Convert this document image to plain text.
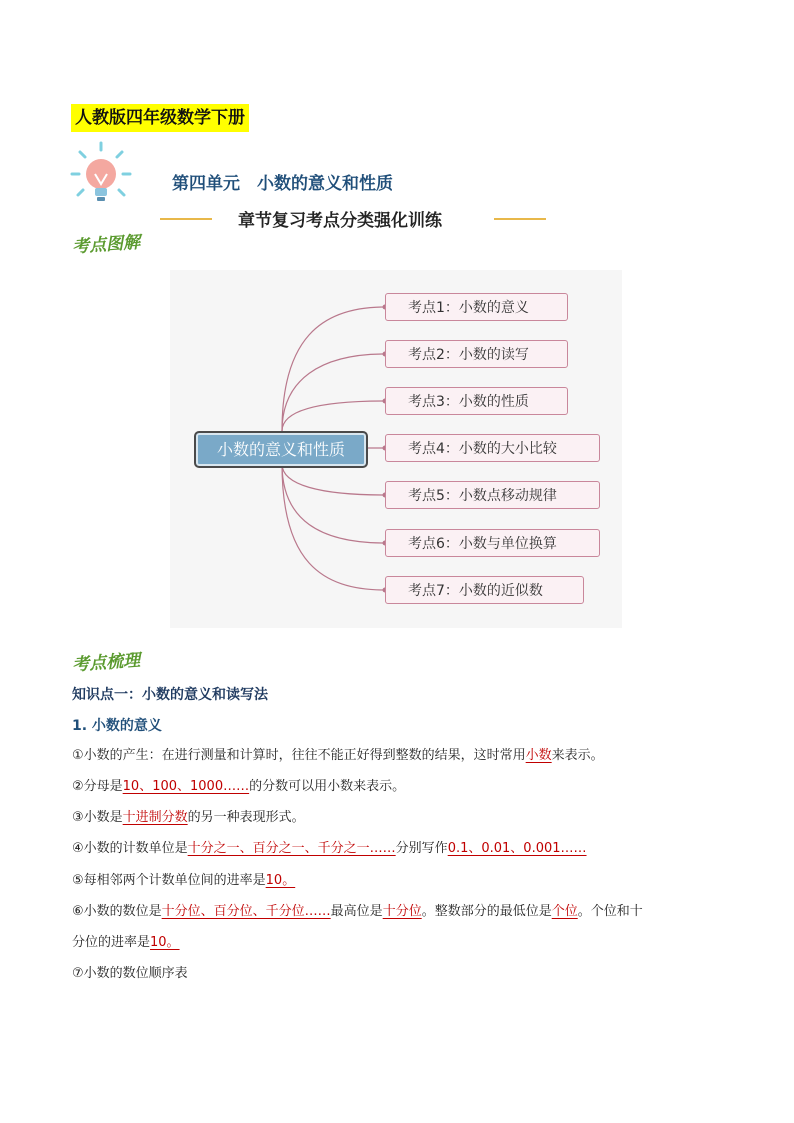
人教版四年级数学下册
第四单元　小数的意义和性质
章节复习考点分类强化训练
考点图解
小数的意义和性质
考点1：小数的意义
考点2：小数的读写
考点3：小数的性质
考点4：小数的大小比较
考点5：小数点移动规律
考点6：小数与单位换算
考点7：小数的近似数
考点梳理
知识点一：小数的意义和读写法
1. 小数的意义
①小数的产生：在进行测量和计算时，往往不能正好得到整数的结果，这时常用小数来表示。
②分母是10、100、1000……的分数可以用小数来表示。
③小数是十进制分数的另一种表现形式。
④小数的计数单位是十分之一、百分之一、千分之一……分别写作0.1、0.01、0.001……
⑤每相邻两个计数单位间的进率是10。
⑥小数的数位是十分位、百分位、千分位……最高位是十分位。整数部分的最低位是个位。个位和十
分位的进率是10。
⑦小数的数位顺序表
